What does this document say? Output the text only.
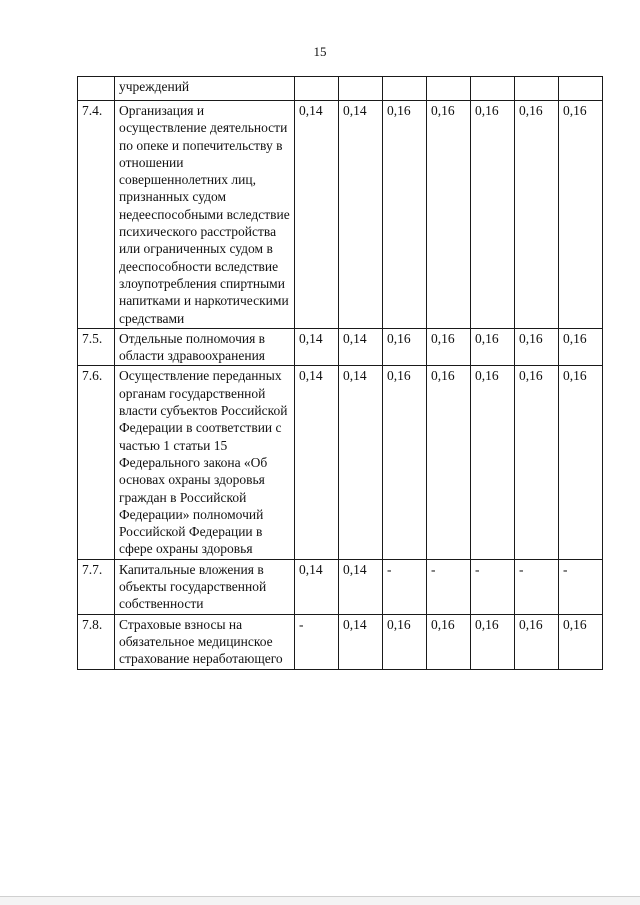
15
	учреждений							
7.4.	Организация и осуществление деятельности по опеке и попечительству в отношении совершеннолетних лиц, признанных судом недееспособными вследствие психического расстройства или ограниченных судом в дееспособности вследствие злоупотребления спиртными напитками и наркотическими средствами	0,14	0,14	0,16	0,16	0,16	0,16	0,16
7.5.	Отдельные полномочия в области здравоохранения	0,14	0,14	0,16	0,16	0,16	0,16	0,16
7.6.	Осуществление переданных органам государственной власти субъектов Российской Федерации в соответствии с частью 1 статьи 15 Федерального закона «Об основах охраны здоровья граждан в Российской Федерации» полномочий Российской Федерации в сфере охраны здоровья	0,14	0,14	0,16	0,16	0,16	0,16	0,16
7.7.	Капитальные вложения в объекты государственной собственности	0,14	0,14	-	-	-	-	-
7.8.	Страховые взносы на обязательное медицинское страхование неработающего	-	0,14	0,16	0,16	0,16	0,16	0,16
